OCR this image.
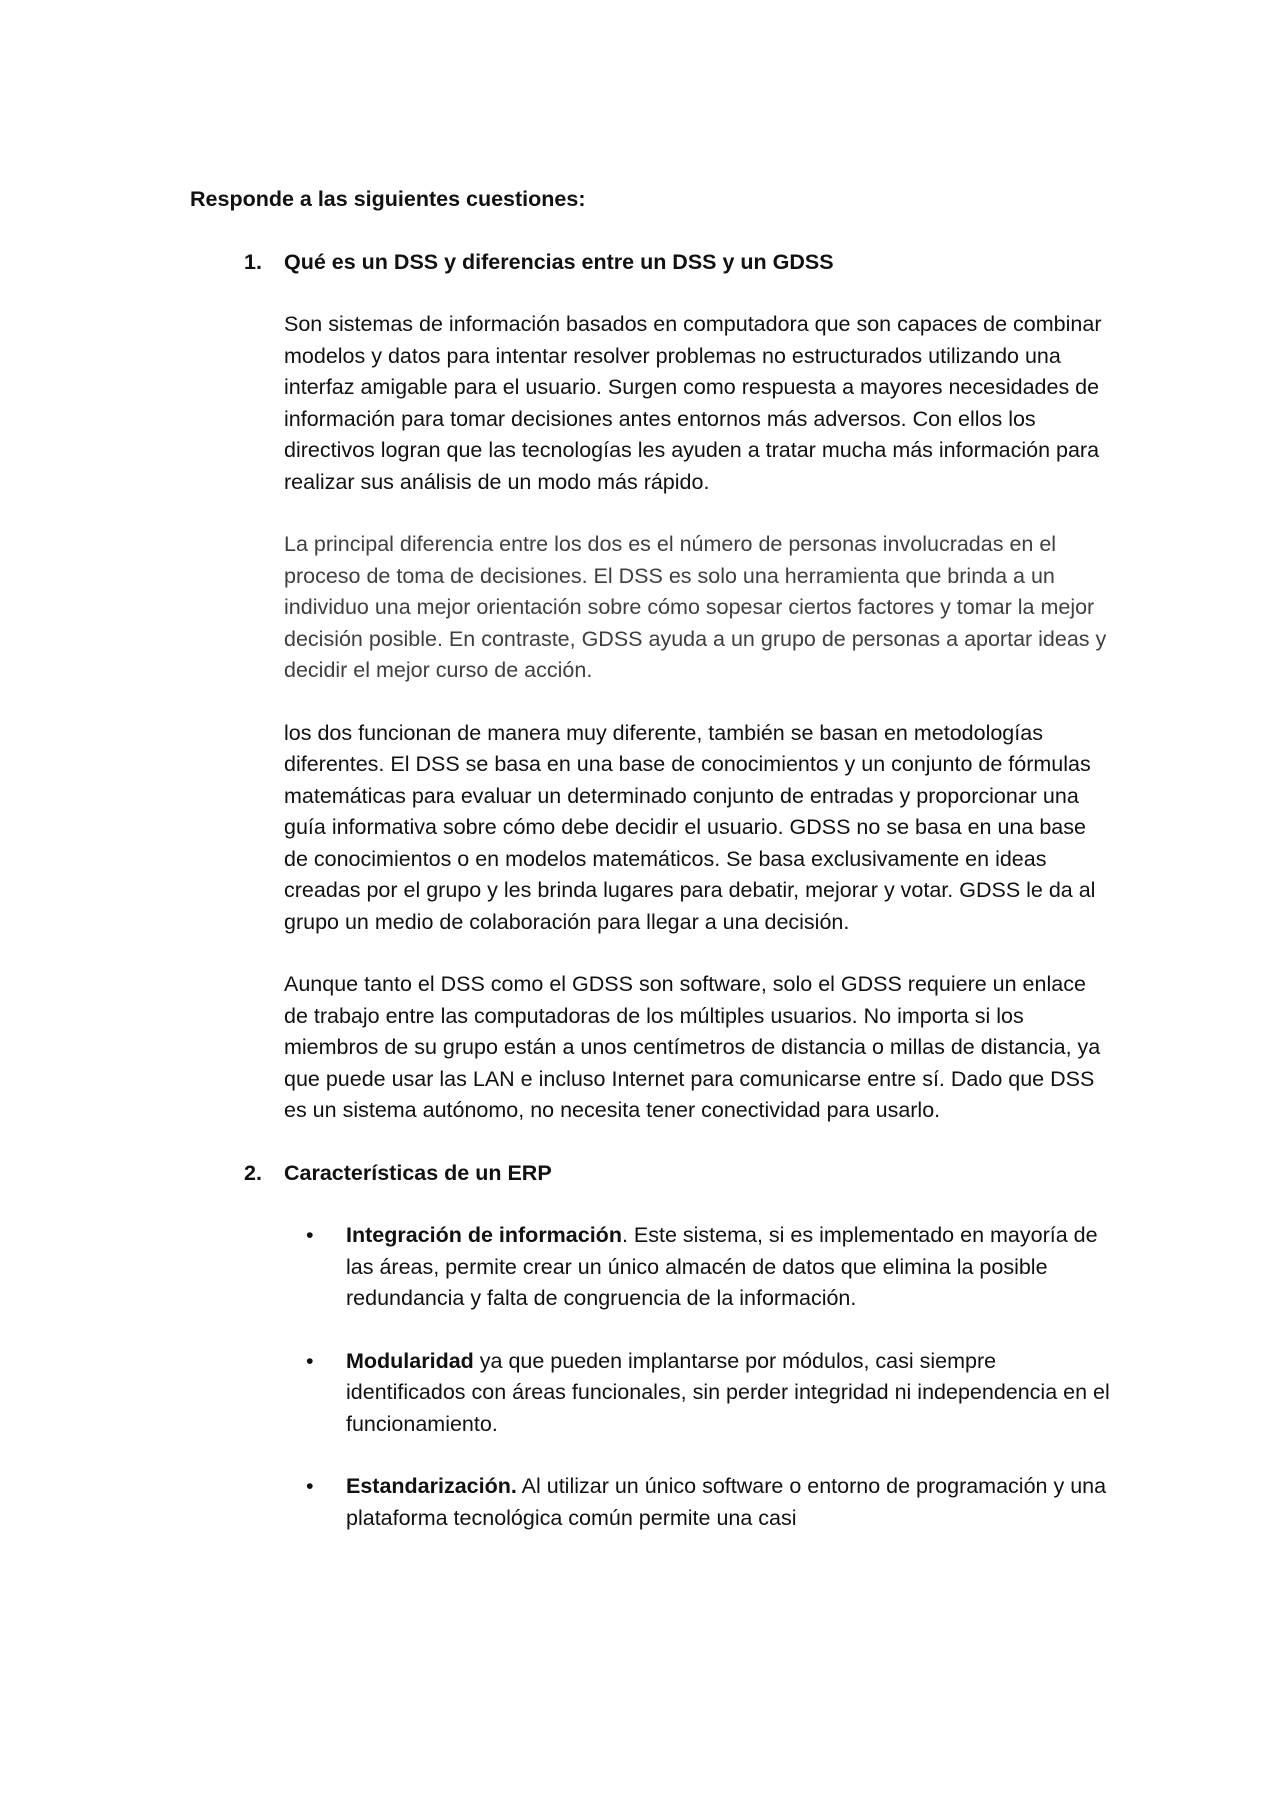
Responde a las siguientes cuestiones:

1. Qué es un DSS y diferencias entre un DSS y un GDSS

Son sistemas de información basados en computadora que son capaces de combinar modelos y datos para intentar resolver problemas no estructurados utilizando una interfaz amigable para el usuario. Surgen como respuesta a mayores necesidades de información para tomar decisiones antes entornos más adversos. Con ellos los directivos logran que las tecnologías les ayuden a tratar mucha más información para realizar sus análisis de un modo más rápido.

La principal diferencia entre los dos es el número de personas involucradas en el proceso de toma de decisiones. El DSS es solo una herramienta que brinda a un individuo una mejor orientación sobre cómo sopesar ciertos factores y tomar la mejor decisión posible. En contraste, GDSS ayuda a un grupo de personas a aportar ideas y decidir el mejor curso de acción.

los dos funcionan de manera muy diferente, también se basan en metodologías diferentes. El DSS se basa en una base de conocimientos y un conjunto de fórmulas matemáticas para evaluar un determinado conjunto de entradas y proporcionar una guía informativa sobre cómo debe decidir el usuario. GDSS no se basa en una base de conocimientos o en modelos matemáticos. Se basa exclusivamente en ideas creadas por el grupo y les brinda lugares para debatir, mejorar y votar. GDSS le da al grupo un medio de colaboración para llegar a una decisión.

Aunque tanto el DSS como el GDSS son software, solo el GDSS requiere un enlace de trabajo entre las computadoras de los múltiples usuarios. No importa si los miembros de su grupo están a unos centímetros de distancia o millas de distancia, ya que puede usar las LAN e incluso Internet para comunicarse entre sí. Dado que DSS es un sistema autónomo, no necesita tener conectividad para usarlo.

2. Características de un ERP

• Integración de información. Este sistema, si es implementado en mayoría de las áreas, permite crear un único almacén de datos que elimina la posible redundancia y falta de congruencia de la información.
• Modularidad ya que pueden implantarse por módulos, casi siempre identificados con áreas funcionales, sin perder integridad ni independencia en el funcionamiento.
• Estandarización. Al utilizar un único software o entorno de programación y una plataforma tecnológica común permite una casi
